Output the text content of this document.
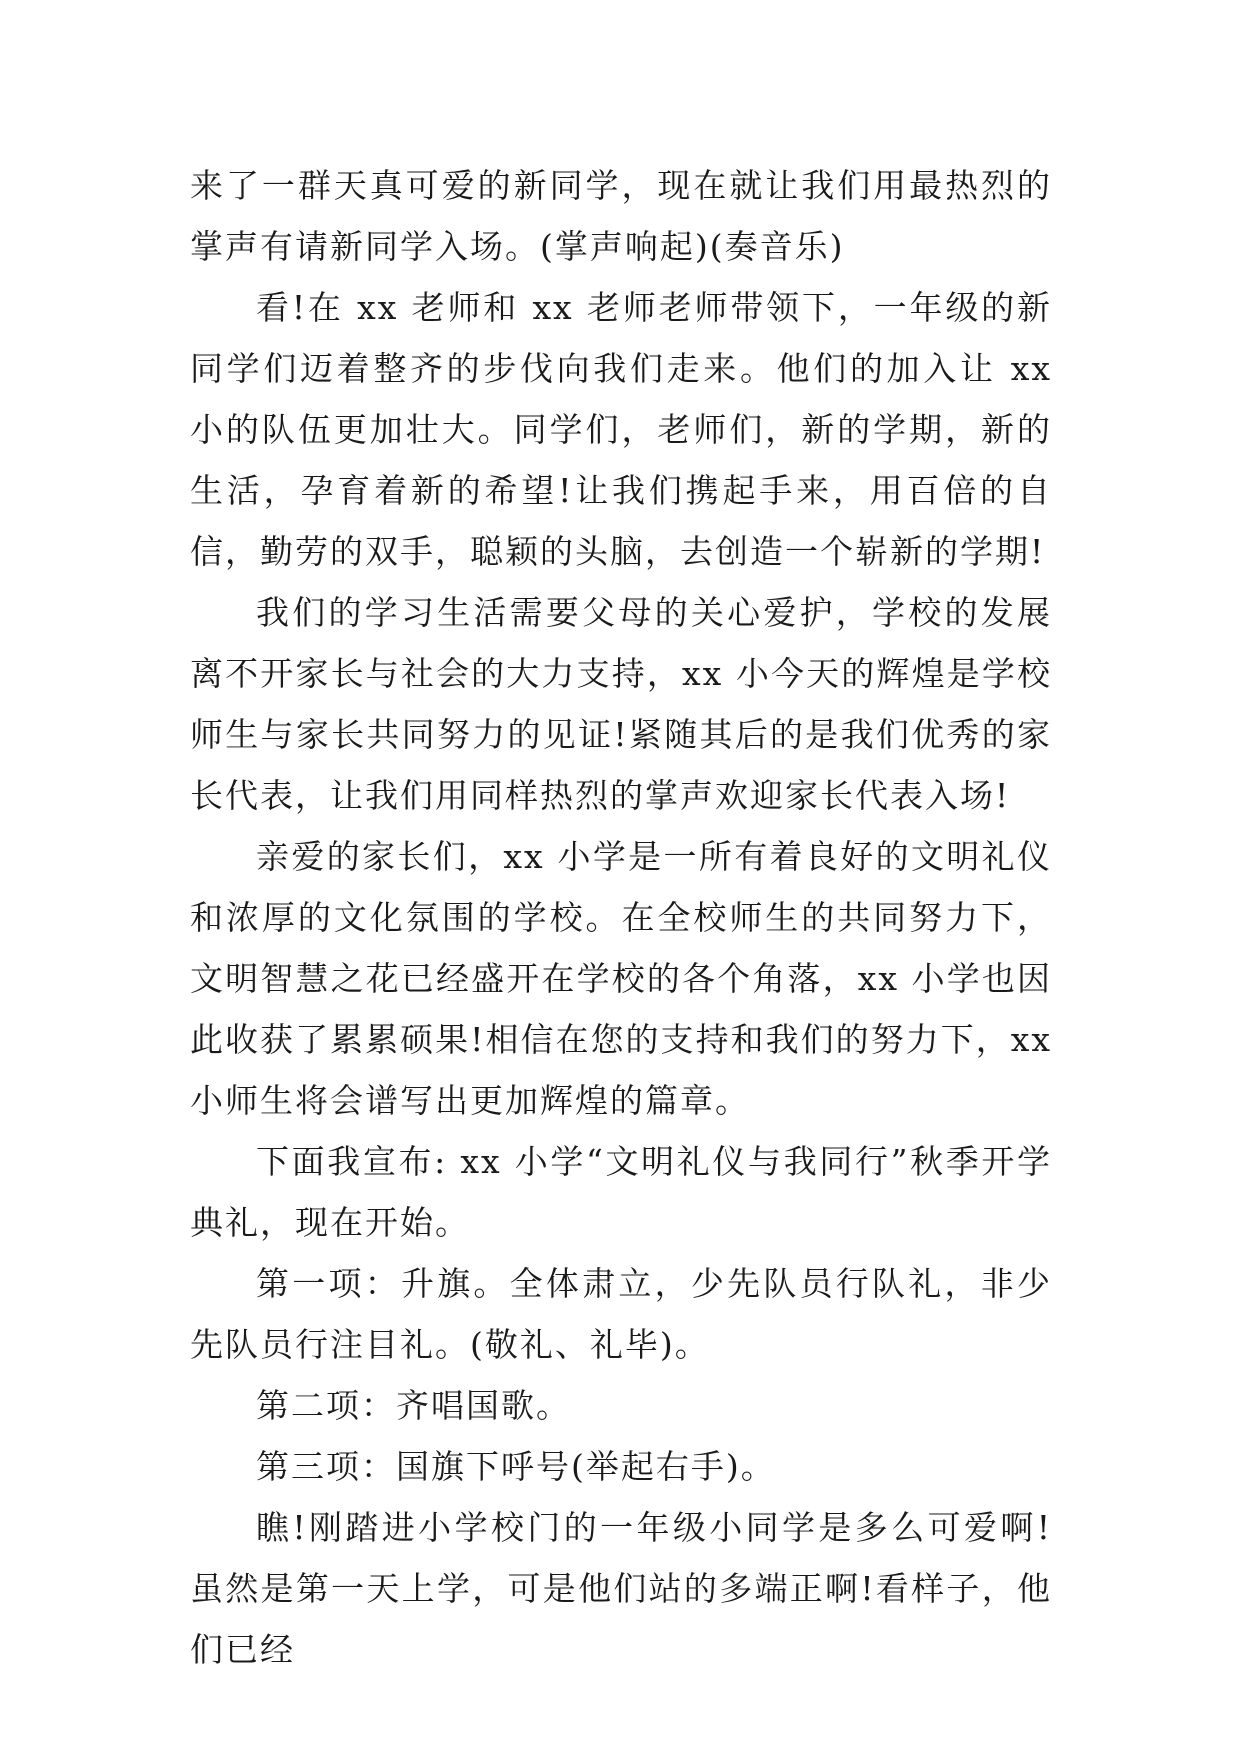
来了一群天真可爱的新同学，现在就让我们用最热烈的掌声有请新同学入场。(掌声响起)(奏音乐)

看!在 xx 老师和 xx 老师老师带领下，一年级的新同学们迈着整齐的步伐向我们走来。他们的加入让 xx 小的队伍更加壮大。同学们，老师们，新的学期，新的生活，孕育着新的希望!让我们携起手来，用百倍的自信，勤劳的双手，聪颖的头脑，去创造一个崭新的学期!

我们的学习生活需要父母的关心爱护，学校的发展离不开家长与社会的大力支持，xx 小今天的辉煌是学校师生与家长共同努力的见证!紧随其后的是我们优秀的家长代表，让我们用同样热烈的掌声欢迎家长代表入场!

亲爱的家长们，xx 小学是一所有着良好的文明礼仪和浓厚的文化氛围的学校。在全校师生的共同努力下，文明智慧之花已经盛开在学校的各个角落，xx 小学也因此收获了累累硕果!相信在您的支持和我们的努力下，xx 小师生将会谱写出更加辉煌的篇章。

下面我宣布: xx 小学“文明礼仪与我同行”秋季开学典礼，现在开始。

第一项：升旗。全体肃立，少先队员行队礼，非少先队员行注目礼。(敬礼、礼毕)。

第二项：齐唱国歌。

第三项：国旗下呼号(举起右手)。

瞧!刚踏进小学校门的一年级小同学是多么可爱啊!虽然是第一天上学，可是他们站的多端正啊!看样子，他们已经
